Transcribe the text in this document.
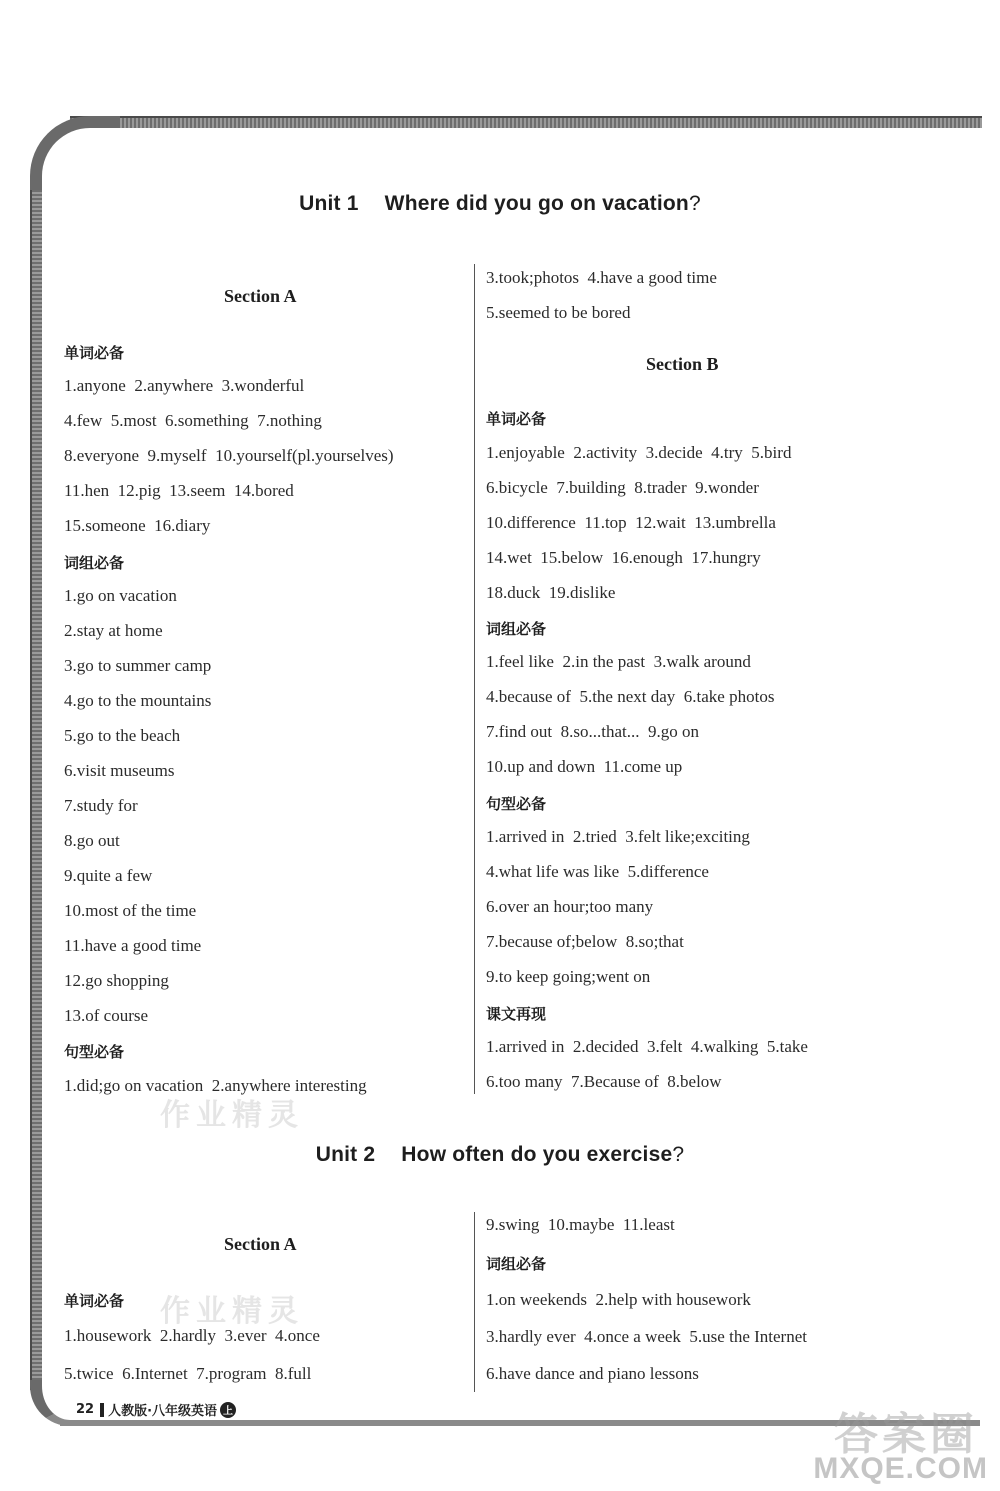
Unit 1 Where did you go on vacation?
Section A
单词必备
1.anyone  2.anywhere  3.wonderful
4.few  5.most  6.something  7.nothing
8.everyone  9.myself  10.yourself(pl.yourselves)
11.hen  12.pig  13.seem  14.bored
15.someone  16.diary
词组必备
1.go on vacation
2.stay at home
3.go to summer camp
4.go to the mountains
5.go to the beach
6.visit museums
7.study for
8.go out
9.quite a few
10.most of the time
11.have a good time
12.go shopping
13.of course
句型必备
1.did;go on vacation  2.anywhere interesting
3.took;photos  4.have a good time
5.seemed to be bored
Section B
单词必备
1.enjoyable  2.activity  3.decide  4.try  5.bird
6.bicycle  7.building  8.trader  9.wonder
10.difference  11.top  12.wait  13.umbrella
14.wet  15.below  16.enough  17.hungry
18.duck  19.dislike
词组必备
1.feel like  2.in the past  3.walk around
4.because of  5.the next day  6.take photos
7.find out  8.so...that...  9.go on
10.up and down  11.come up
句型必备
1.arrived in  2.tried  3.felt like;exciting
4.what life was like  5.difference
6.over an hour;too many
7.because of;below  8.so;that
9.to keep going;went on
课文再现
1.arrived in  2.decided  3.felt  4.walking  5.take
6.too many  7.Because of  8.below
作业精灵
作业精灵
Unit 2 How often do you exercise?
Section A
单词必备
1.housework  2.hardly  3.ever  4.once
5.twice  6.Internet  7.program  8.full
9.swing  10.maybe  11.least
词组必备
1.on weekends  2.help with housework
3.hardly ever  4.once a week  5.use the Internet
6.have dance and piano lessons
22 人教版·八年级英语 上	答案圈
MXQE.COM
